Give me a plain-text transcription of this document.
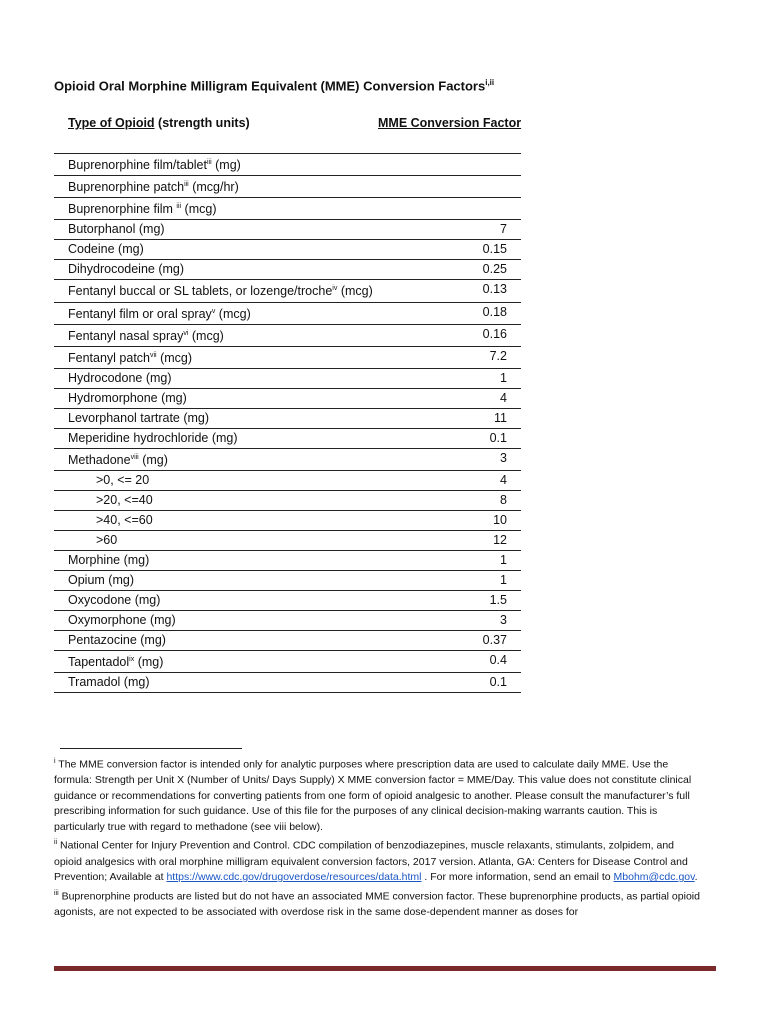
Opioid Oral Morphine Milligram Equivalent (MME) Conversion Factors$^{i,ii}$
Type of Opioid (strength units)	MME Conversion Factor
Buprenorphine film/tablet$^{iii}$ (mg)	
Buprenorphine patch$^{iii}$ (mcg/hr)	
Buprenorphine film $^{iii}$ (mcg)	
Butorphanol (mg)	7
Codeine (mg)	0.15
Dihydrocodeine (mg)	0.25
Fentanyl buccal or SL tablets, or lozenge/troche$^{iv}$ (mcg)	0.13
Fentanyl film or oral spray$^v$ (mcg)	0.18
Fentanyl nasal spray$^{vi}$ (mcg)	0.16
Fentanyl patch$^{vii}$ (mcg)	7.2
Hydrocodone (mg)	1
Hydromorphone (mg)	4
Levorphanol tartrate (mg)	11
Meperidine hydrochloride (mg)	0.1
Methadone$^{viii}$ (mg)	3
>0, <= 20	4
>20, <=40	8
>40, <=60	10
>60	12
Morphine (mg)	1
Opium (mg)	1
Oxycodone (mg)	1.5
Oxymorphone (mg)	3
Pentazocine (mg)	0.37
Tapentadol$^{ix}$ (mg)	0.4
Tramadol (mg)	0.1

$^i$ The MME conversion factor is intended only for analytic purposes where prescription data are used to calculate daily MME. Use the formula: Strength per Unit X (Number of Units/ Days Supply) X MME conversion factor = MME/Day. This value does not constitute clinical guidance or recommendations for converting patients from one form of opioid analgesic to another. Please consult the manufacturer’s full prescribing information for such guidance. Use of this file for the purposes of any clinical decision-making warrants caution. This is particularly true with regard to methadone (see viii below).

$^{ii}$ National Center for Injury Prevention and Control. CDC compilation of benzodiazepines, muscle relaxants, stimulants, zolpidem, and opioid analgesics with oral morphine milligram equivalent conversion factors, 2017 version. Atlanta, GA: Centers for Disease Control and Prevention; Available at https://www.cdc.gov/drugoverdose/resources/data.html . For more information, send an email to Mbohm@cdc.gov.

$^{iii}$ Buprenorphine products are listed but do not have an associated MME conversion factor. These buprenorphine products, as partial opioid agonists, are not expected to be associated with overdose risk in the same dose-dependent manner as doses for
